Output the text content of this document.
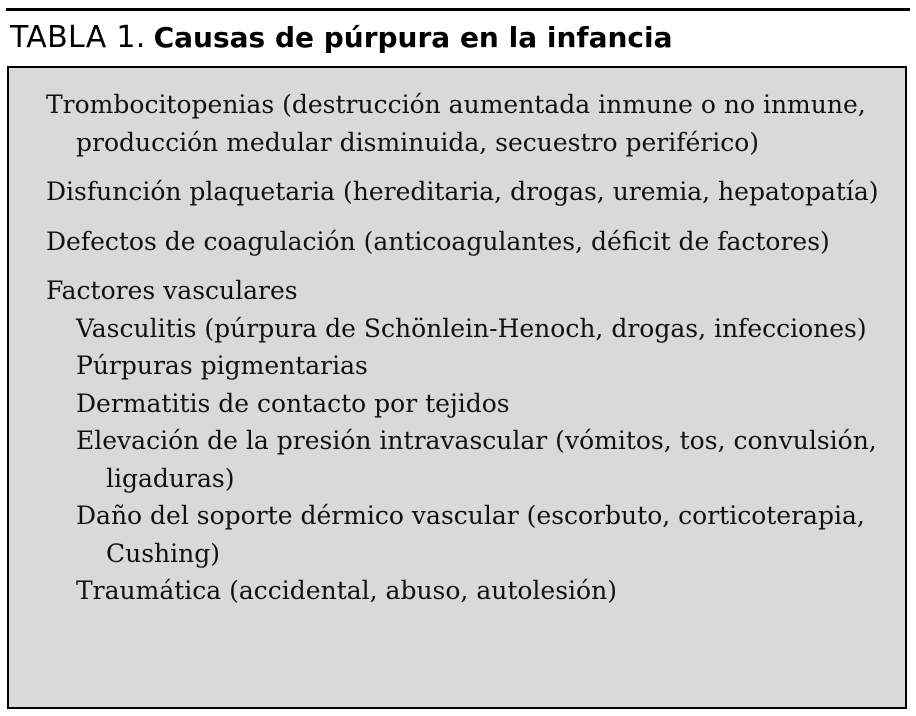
TABLA 1. Causas de púrpura en la infancia
Trombocitopenias (destrucción aumentada inmune o no inmune, producción medular disminuida, secuestro periférico)
Disfunción plaquetaria (hereditaria, drogas, uremia, hepatopatía)
Defectos de coagulación (anticoagulantes, déficit de factores)
Factores vasculares
Vasculitis (púrpura de Schönlein-Henoch, drogas, infecciones)
Púrpuras pigmentarias
Dermatitis de contacto por tejidos
Elevación de la presión intravascular (vómitos, tos, convulsión, ligaduras)
Daño del soporte dérmico vascular (escorbuto, corticoterapia, Cushing)
Traumática (accidental, abuso, autolesión)
